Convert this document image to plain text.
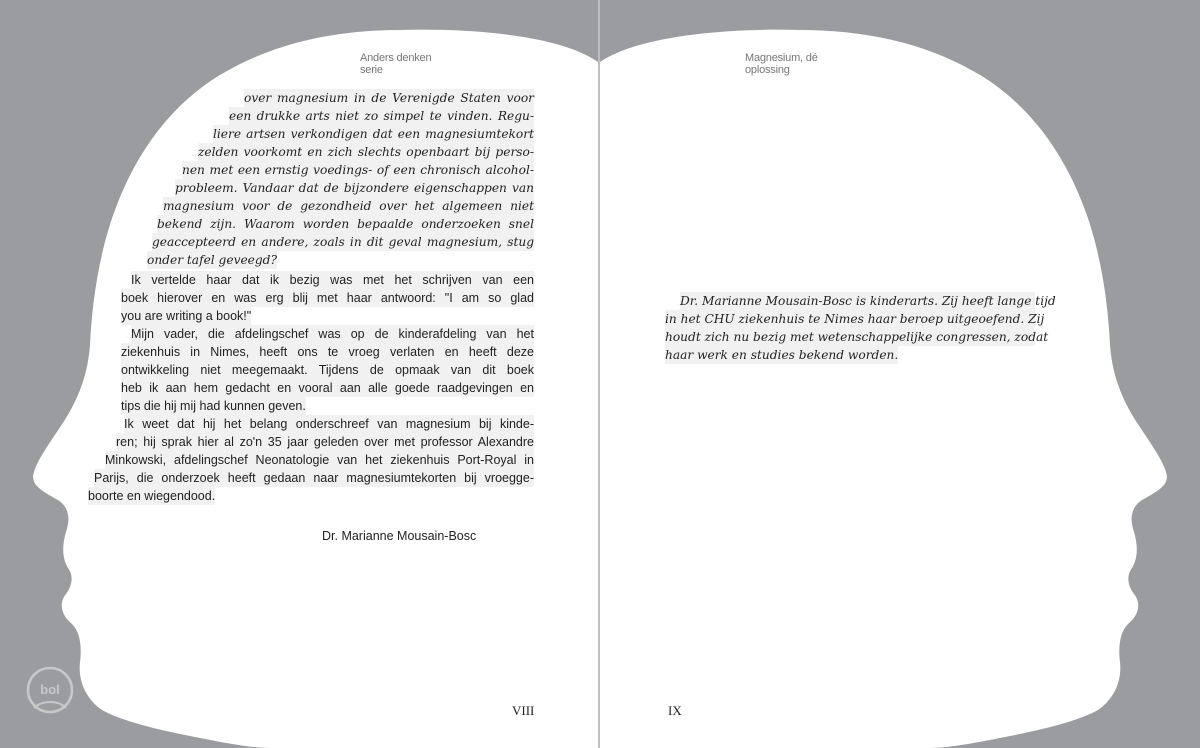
Anders denken serie
Magnesium, dé oplossing
over magnesium in de Verenigde Staten voor
een drukke arts niet zo simpel te vinden. Regu-
liere artsen verkondigen dat een magnesiumtekort
zelden voorkomt en zich slechts openbaart bij perso-
nen met een ernstig voedings- of een chronisch alcohol-
probleem. Vandaar dat de bijzondere eigenschappen van
magnesium voor de gezondheid over het algemeen niet
bekend zijn. Waarom worden bepaalde onderzoeken snel
geaccepteerd en andere, zoals in dit geval magnesium, stug
onder tafel geveegd?
Ik vertelde haar dat ik bezig was met het schrijven van een
boek hierover en was erg blij met haar antwoord: "I am so glad
you are writing a book!"
Mijn vader, die afdelingschef was op de kinderafdeling van het
ziekenhuis in Nimes, heeft ons te vroeg verlaten en heeft deze
ontwikkeling niet meegemaakt. Tijdens de opmaak van dit boek
heb ik aan hem gedacht en vooral aan alle goede raadgevingen en
tips die hij mij had kunnen geven.
Ik weet dat hij het belang onderschreef van magnesium bij kinde-
ren; hij sprak hier al zo'n 35 jaar geleden over met professor Alexandre
Minkowski, afdelingschef Neonatologie van het ziekenhuis Port-Royal in
Parijs, die onderzoek heeft gedaan naar magnesiumtekorten bij vroegge-
boorte en wiegendood.
Dr. Marianne Mousain-Bosc
Dr. Marianne Mousain-Bosc is kinderarts. Zij heeft lange tijd
in het CHU ziekenhuis te Nimes haar beroep uitgeoefend. Zij
houdt zich nu bezig met wetenschappelijke congressen, zodat
haar werk en studies bekend worden.
VIII	IX
bol
